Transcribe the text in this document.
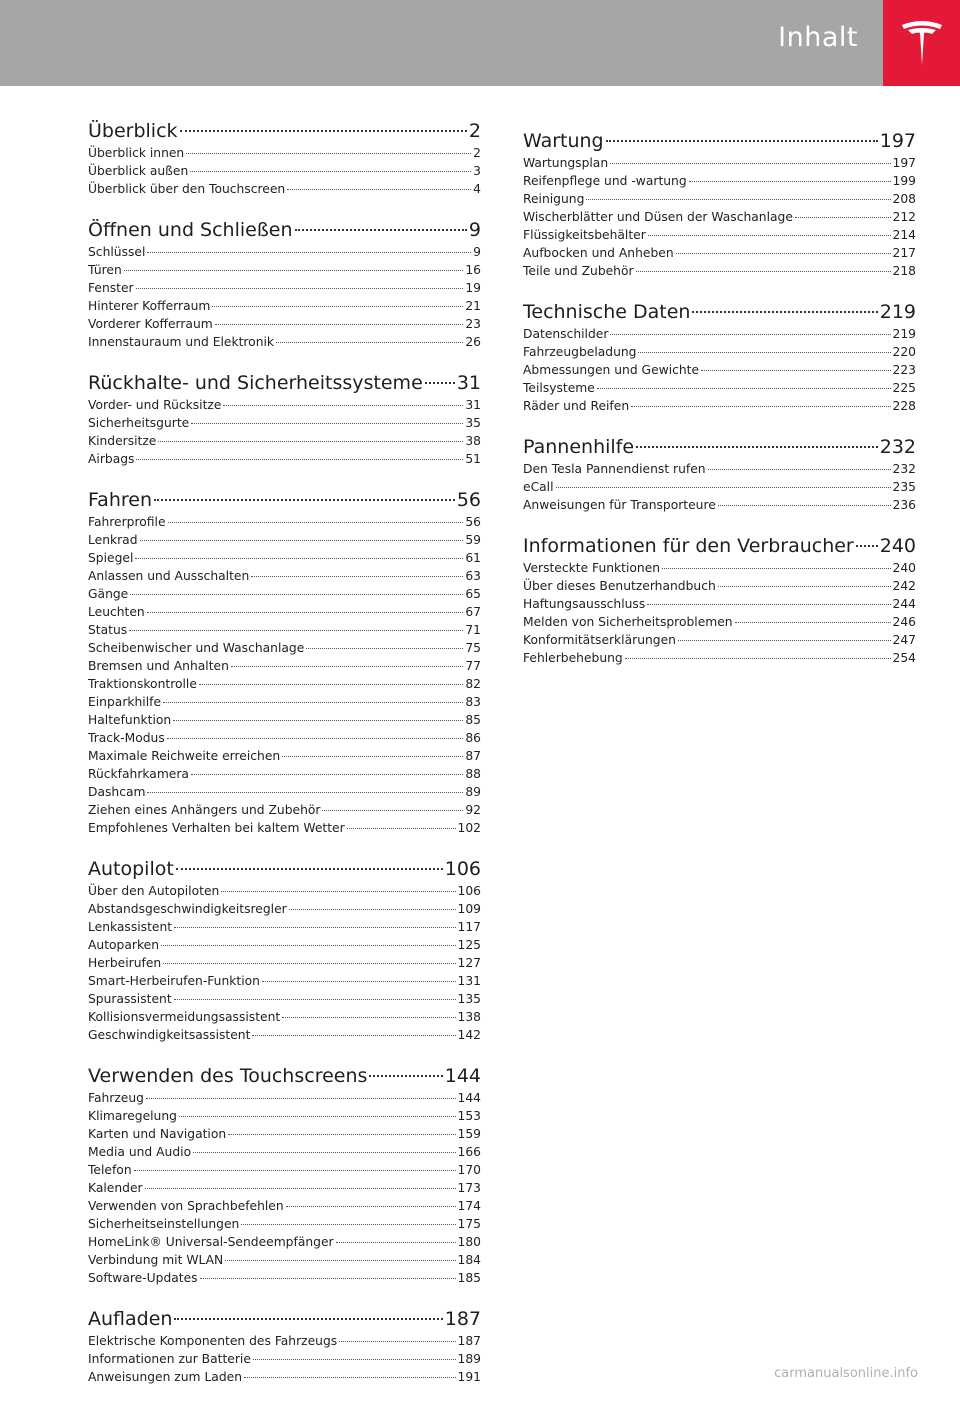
Inhalt
Überblick	2
Überblick innen	2
Überblick außen	3
Überblick über den Touchscreen	4
Öffnen und Schließen	9
Schlüssel	9
Türen	16
Fenster	19
Hinterer Kofferraum	21
Vorderer Kofferraum	23
Innenstauraum und Elektronik	26
Rückhalte- und Sicherheitssysteme 31
Vorder- und Rücksitze	31
Sicherheitsgurte	35
Kindersitze	38
Airbags	51
Fahren	56
Fahrerprofile	56
Lenkrad	59
Spiegel	61
Anlassen und Ausschalten	63
Gänge	65
Leuchten	67
Status	71
Scheibenwischer und Waschanlage	75
Bremsen und Anhalten	77
Traktionskontrolle	82
Einparkhilfe	83
Haltefunktion	85
Track-Modus	86
Maximale Reichweite erreichen	87
Rückfahrkamera	88
Dashcam	89
Ziehen eines Anhängers und Zubehör	92
Empfohlenes Verhalten bei kaltem Wetter	102
Autopilot	106
Über den Autopiloten	106
Abstandsgeschwindigkeitsregler	109
Lenkassistent	117
Autoparken	125
Herbeirufen	127
Smart-Herbeirufen-Funktion	131
Spurassistent	135
Kollisionsvermeidungsassistent	138
Geschwindigkeitsassistent	142
Verwenden des Touchscreens	144
Fahrzeug	144
Klimaregelung	153
Karten und Navigation	159
Media und Audio	166
Telefon	170
Kalender	173
Verwenden von Sprachbefehlen	174
Sicherheitseinstellungen	175
HomeLink® Universal-Sendeempfänger	180
Verbindung mit WLAN	184
Software-Updates	185
Aufladen	187
Elektrische Komponenten des Fahrzeugs	187
Informationen zur Batterie	189
Anweisungen zum Laden	191
Wartung	197
Wartungsplan	197
Reifenpflege und -wartung	199
Reinigung	208
Wischerblätter und Düsen der Waschanlage	212
Flüssigkeitsbehälter	214
Aufbocken und Anheben	217
Teile und Zubehör	218
Technische Daten	219
Datenschilder	219
Fahrzeugbeladung	220
Abmessungen und Gewichte	223
Teilsysteme	225
Räder und Reifen	228
Pannenhilfe	232
Den Tesla Pannendienst rufen	232
eCall	235
Anweisungen für Transporteure	236
Informationen für den Verbraucher 240
Versteckte Funktionen	240
Über dieses Benutzerhandbuch	242
Haftungsausschluss	244
Melden von Sicherheitsproblemen	246
Konformitätserklärungen	247
Fehlerbehebung	254
carmanualsonline.info
